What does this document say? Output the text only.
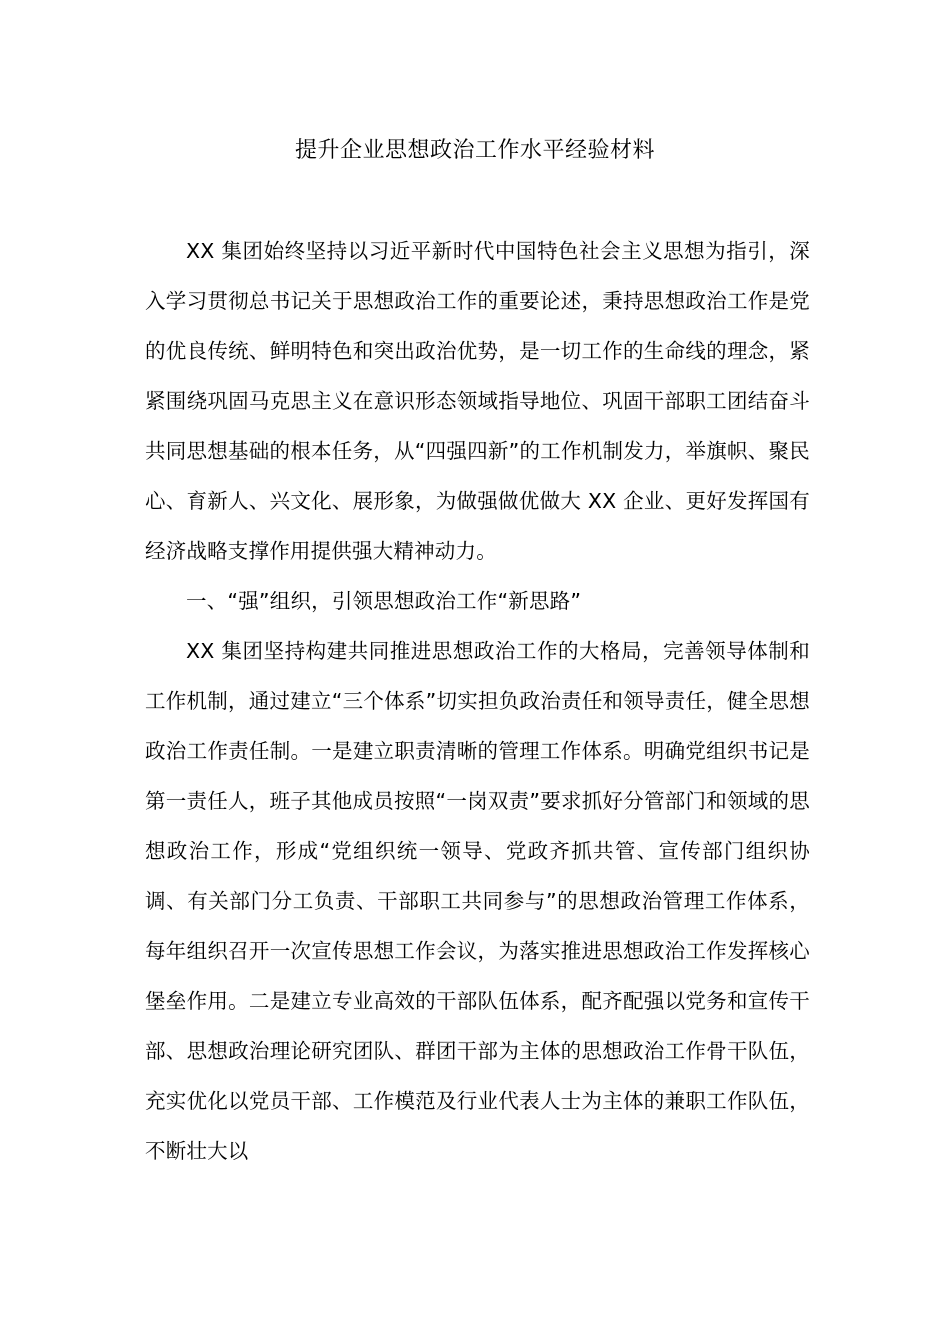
提升企业思想政治工作水平经验材料

XX 集团始终坚持以习近平新时代中国特色社会主义思想为指引，深入学习贯彻总书记关于思想政治工作的重要论述，秉持思想政治工作是党的优良传统、鲜明特色和突出政治优势，是一切工作的生命线的理念，紧紧围绕巩固马克思主义在意识形态领域指导地位、巩固干部职工团结奋斗共同思想基础的根本任务，从“四强四新”的工作机制发力，举旗帜、聚民心、育新人、兴文化、展形象，为做强做优做大 XX 企业、更好发挥国有经济战略支撑作用提供强大精神动力。

一、“强”组织，引领思想政治工作“新思路”

XX 集团坚持构建共同推进思想政治工作的大格局，完善领导体制和工作机制，通过建立“三个体系”切实担负政治责任和领导责任，健全思想政治工作责任制。一是建立职责清晰的管理工作体系。明确党组织书记是第一责任人，班子其他成员按照“一岗双责”要求抓好分管部门和领域的思想政治工作，形成“党组织统一领导、党政齐抓共管、宣传部门组织协调、有关部门分工负责、干部职工共同参与”的思想政治管理工作体系，每年组织召开一次宣传思想工作会议，为落实推进思想政治工作发挥核心堡垒作用。二是建立专业高效的干部队伍体系，配齐配强以党务和宣传干部、思想政治理论研究团队、群团干部为主体的思想政治工作骨干队伍，充实优化以党员干部、工作模范及行业代表人士为主体的兼职工作队伍，不断壮大以
